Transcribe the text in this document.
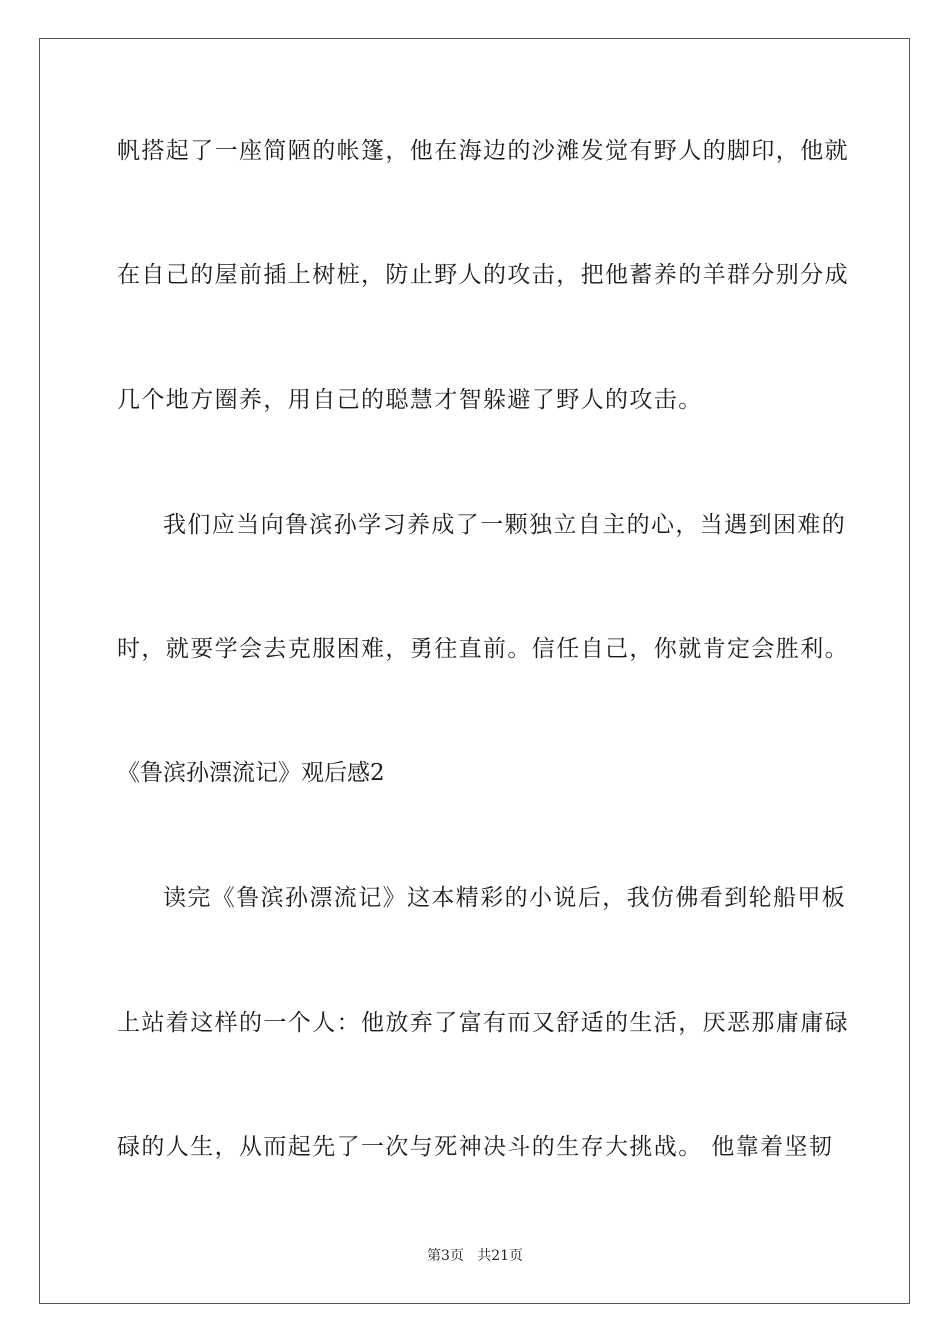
帆搭起了一座简陋的帐篷，他在海边的沙滩发觉有野人的脚印，他就
在自己的屋前插上树桩，防止野人的攻击，把他蓄养的羊群分别分成
几个地方圈养，用自己的聪慧才智躲避了野人的攻击。
我们应当向鲁滨孙学习养成了一颗独立自主的心，当遇到困难的
时，就要学会去克服困难，勇往直前。信任自己，你就肯定会胜利。
《鲁滨孙漂流记》观后感2
读完《鲁滨孙漂流记》这本精彩的小说后，我仿佛看到轮船甲板
上站着这样的一个人：他放弃了富有而又舒适的生活，厌恶那庸庸碌
碌的人生，从而起先了一次与死神决斗的生存大挑战。 他靠着坚韧
第3页   共21页
